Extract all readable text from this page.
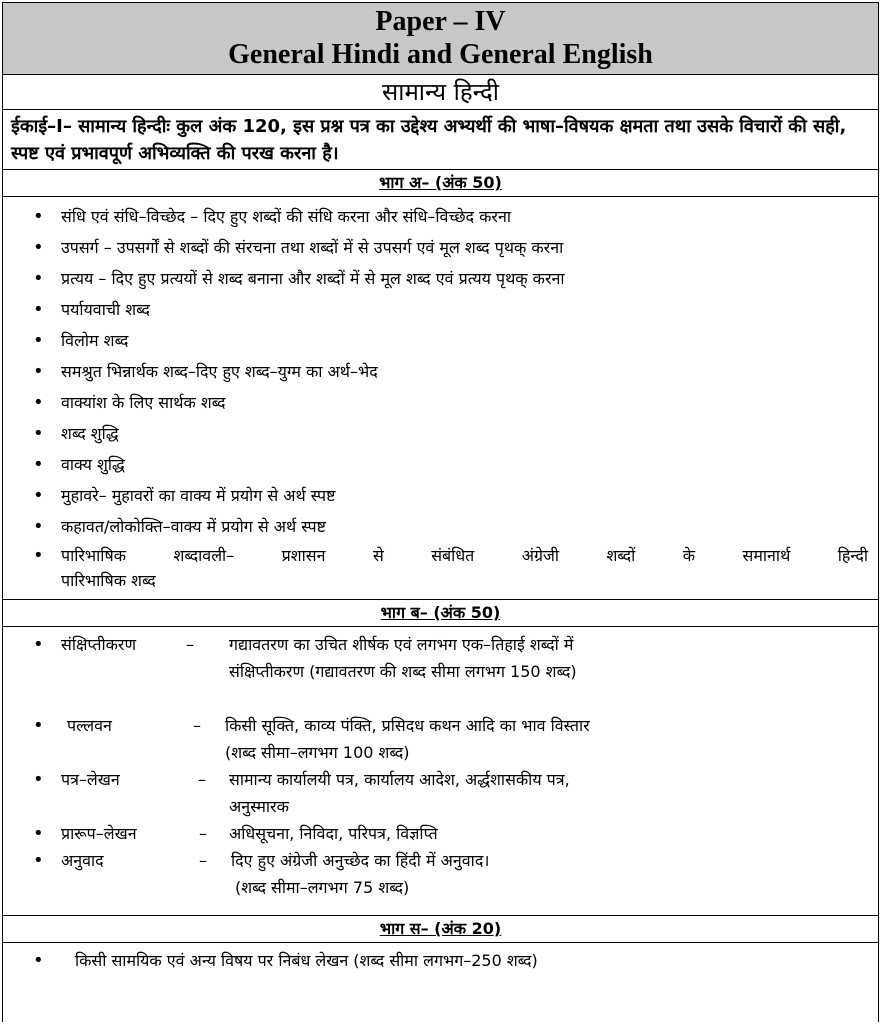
Paper – IV
General Hindi and General English
सामान्य हिन्दी
ईकाई–I– सामान्य हिन्दीः कुल अंक 120, इस प्रश्न पत्र का उद्देश्य अभ्यर्थी की भाषा–विषयक क्षमता तथा उसके विचारों की सही, स्पष्ट एवं प्रभावपूर्ण अभिव्यक्ति की परख करना है।
भाग अ– (अंक 50)
• संधि एवं संधि–विच्छेद – दिए हुए शब्दों की संधि करना और संधि–विच्छेद करना
• उपसर्ग – उपसर्गों से शब्दों की संरचना तथा शब्दों में से उपसर्ग एवं मूल शब्द पृथक् करना
• प्रत्यय – दिए हुए प्रत्ययों से शब्द बनाना और शब्दों में से मूल शब्द एवं प्रत्यय पृथक् करना
• पर्यायवाची शब्द
• विलोम शब्द
• समश्रुत भिन्नार्थक शब्द–दिए हुए शब्द–युग्म का अर्थ–भेद
• वाक्यांश के लिए सार्थक शब्द
• शब्द शुद्धि
• वाक्य शुद्धि
• मुहावरे– मुहावरों का वाक्य में प्रयोग से अर्थ स्पष्ट
• कहावत/लोकोक्ति–वाक्य में प्रयोग से अर्थ स्पष्ट
• पारिभाषिक शब्दावली– प्रशासन से संबंधित अंग्रेजी शब्दों के समानार्थ हिन्दी
पारिभाषिक शब्द
भाग ब– (अंक 50)
• संक्षिप्तीकरण	– गद्यावतरण का उचित शीर्षक एवं लगभग एक–तिहाई शब्दों में
संक्षिप्तीकरण (गद्यावतरण की शब्द सीमा लगभग 150 शब्द)
• पल्लवन	– किसी सूक्ति, काव्य पंक्ति, प्रसिदध कथन आदि का भाव विस्तार
(शब्द सीमा–लगभग 100 शब्द)
• पत्र–लेखन	– सामान्य कार्यालयी पत्र, कार्यालय आदेश, अर्द्धशासकीय पत्र,
अनुस्मारक
• प्रारूप–लेखन	– अधिसूचना, निविदा, परिपत्र, विज्ञप्ति
• अनुवाद	– दिए हुए अंग्रेजी अनुच्छेद का हिंदी में अनुवाद।
(शब्द सीमा–लगभग 75 शब्द)
भाग स– (अंक 20)
• किसी सामयिक एवं अन्य विषय पर निबंध लेखन (शब्द सीमा लगभग–250 शब्द)
